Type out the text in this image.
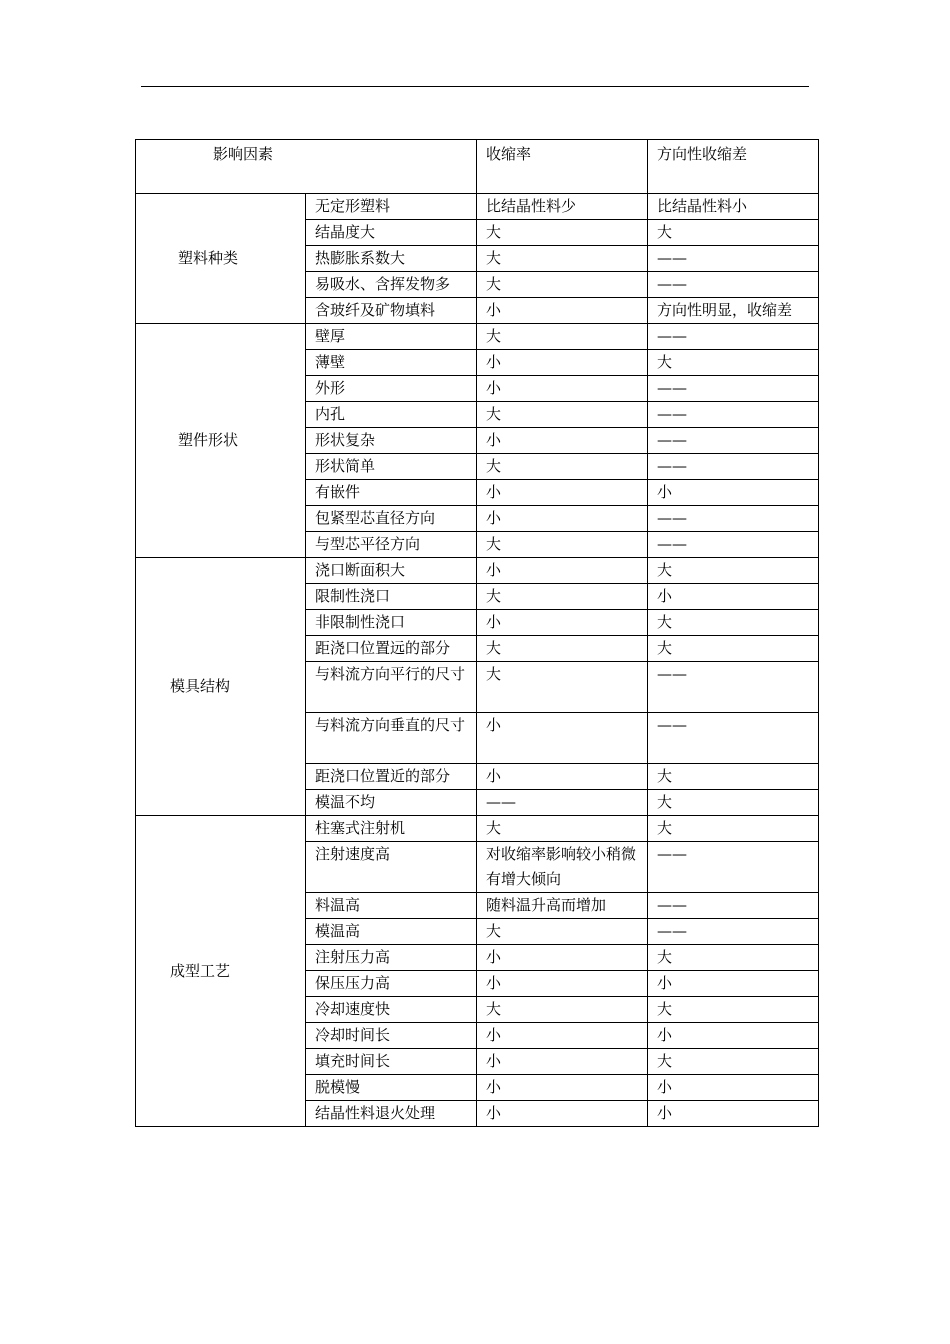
影响因素		收缩率	方向性收缩差
塑料种类	无定形塑料	比结晶性料少	比结晶性料小
	结晶度大	大	大
	热膨胀系数大	大	——
	易吸水、含挥发物多	大	——
	含玻纤及矿物填料	小	方向性明显，收缩差
塑件形状	壁厚	大	——
	薄壁	小	大
	外形	小	——
	内孔	大	——
	形状复杂	小	——
	形状简单	大	——
	有嵌件	小	小
	包紧型芯直径方向	小	——
	与型芯平径方向	大	——
模具结构	浇口断面积大	小	大
	限制性浇口	大	小
	非限制性浇口	小	大
	距浇口位置远的部分	大	大
	与料流方向平行的尺寸	大	——
	与料流方向垂直的尺寸	小	——
	距浇口位置近的部分	小	大
	模温不均	——	大
成型工艺	柱塞式注射机	大	大
	注射速度高	对收缩率影响较小稍微有增大倾向	——
	料温高	随料温升高而增加	——
	模温高	大	——
	注射压力高	小	大
	保压压力高	小	小
	冷却速度快	大	大
	冷却时间长	小	小
	填充时间长	小	大
	脱模慢	小	小
	结晶性料退火处理	小	小
